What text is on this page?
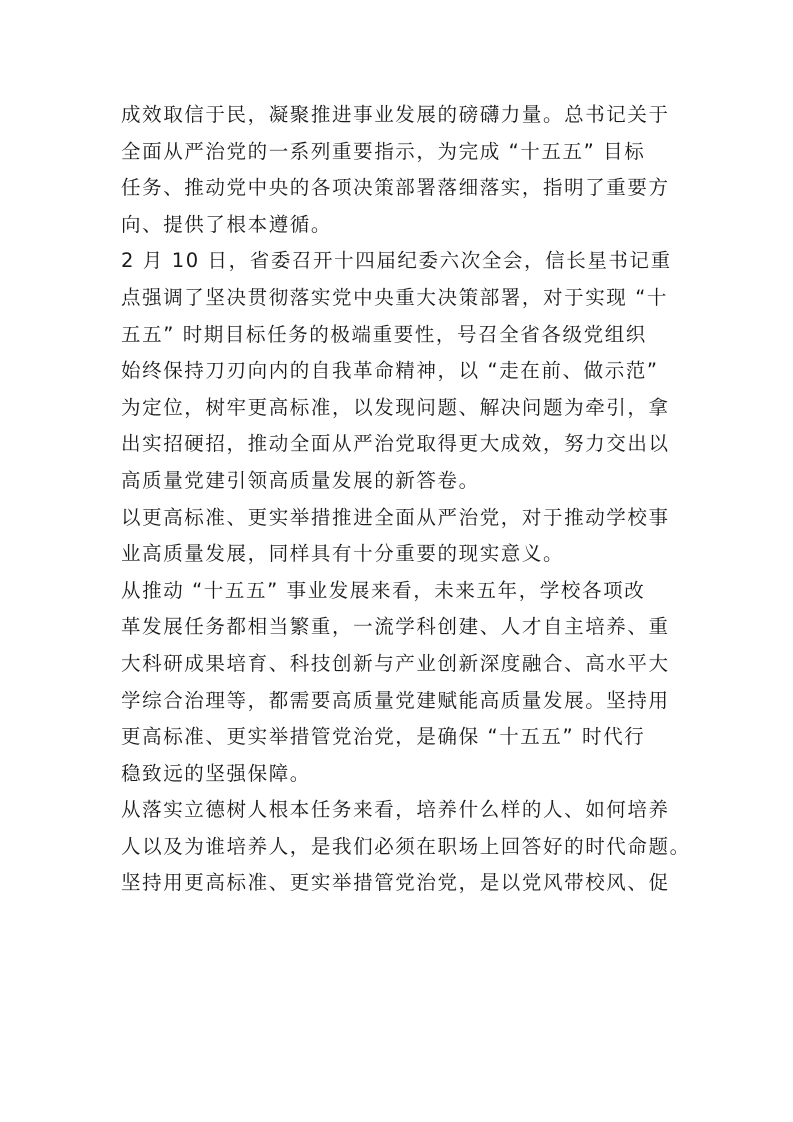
成效取信于民，凝聚推进事业发展的磅礴力量。总书记关于
全面从严治党的一系列重要指示，为完成 “十五五” 目标
任务、推动党中央的各项决策部署落细落实，指明了重要方
向、提供了根本遵循。
2 月 10 日，省委召开十四届纪委六次全会，信长星书记重
点强调了坚决贯彻落实党中央重大决策部署，对于实现 “十
五五” 时期目标任务的极端重要性，号召全省各级党组织
始终保持刀刃向内的自我革命精神，以 “走在前、做示范”
为定位，树牢更高标准，以发现问题、解决问题为牵引，拿
出实招硬招，推动全面从严治党取得更大成效，努力交出以
高质量党建引领高质量发展的新答卷。
以更高标准、更实举措推进全面从严治党，对于推动学校事
业高质量发展，同样具有十分重要的现实意义。
从推动 “十五五” 事业发展来看，未来五年，学校各项改
革发展任务都相当繁重，一流学科创建、人才自主培养、重
大科研成果培育、科技创新与产业创新深度融合、高水平大
学综合治理等，都需要高质量党建赋能高质量发展。坚持用
更高标准、更实举措管党治党，是确保 “十五五” 时代行
稳致远的坚强保障。
从落实立德树人根本任务来看，培养什么样的人、如何培养
人以及为谁培养人，是我们必须在职场上回答好的时代命题。
坚持用更高标准、更实举措管党治党，是以党风带校风、促
